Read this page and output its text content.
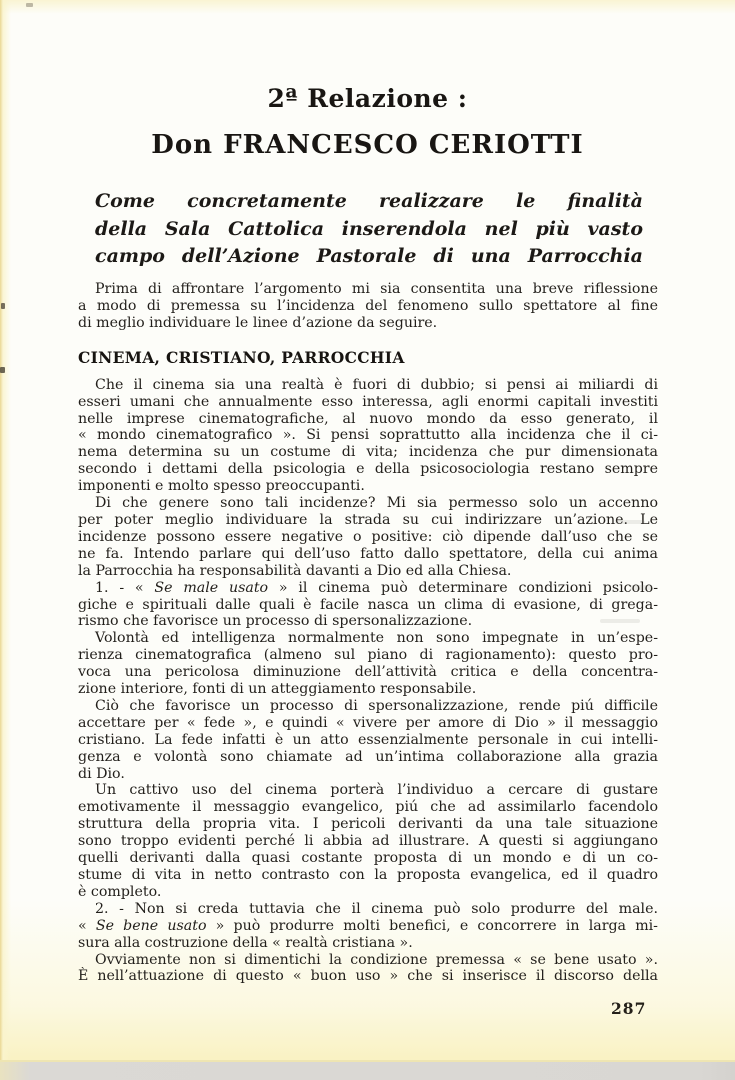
2ª Relazione :
Don FRANCESCO CERIOTTI
Come concretamente realizzare le finalità
della Sala Cattolica inserendola nel più vasto
campo dell’Azione Pastorale di una Parrocchia
Prima di affrontare l’argomento mi sia consentita una breve riflessione
a modo di premessa su l’incidenza del fenomeno sullo spettatore al fine
di meglio individuare le linee d’azione da seguire.
CINEMA, CRISTIANO, PARROCCHIA
Che il cinema sia una realtà è fuori di dubbio; si pensi ai miliardi di
esseri umani che annualmente esso interessa, agli enormi capitali investiti
nelle imprese cinematografiche, al nuovo mondo da esso generato, il
« mondo cinematografico ». Si pensi soprattutto alla incidenza che il ci-
nema determina su un costume di vita; incidenza che pur dimensionata
secondo i dettami della psicologia e della psicosociologia restano sempre
imponenti e molto spesso preoccupanti.
Di che genere sono tali incidenze? Mi sia permesso solo un accenno
per poter meglio individuare la strada su cui indirizzare un’azione. Le
incidenze possono essere negative o positive: ciò dipende dall’uso che se
ne fa. Intendo parlare qui dell’uso fatto dallo spettatore, della cui anima
la Parrocchia ha responsabilità davanti a Dio ed alla Chiesa.
1. - « Se male usato » il cinema può determinare condizioni psicolo-
giche e spirituali dalle quali è facile nasca un clima di evasione, di grega-
rismo che favorisce un processo di spersonalizzazione.
Volontà ed intelligenza normalmente non sono impegnate in un’espe-
rienza cinematografica (almeno sul piano di ragionamento): questo pro-
voca una pericolosa diminuzione dell’attività critica e della concentra-
zione interiore, fonti di un atteggiamento responsabile.
Ciò che favorisce un processo di spersonalizzazione, rende piú difficile
accettare per « fede », e quindi « vivere per amore di Dio » il messaggio
cristiano. La fede infatti è un atto essenzialmente personale in cui intelli-
genza e volontà sono chiamate ad un’intima collaborazione alla grazia
di Dio.
Un cattivo uso del cinema porterà l’individuo a cercare di gustare
emotivamente il messaggio evangelico, piú che ad assimilarlo facendolo
struttura della propria vita. I pericoli derivanti da una tale situazione
sono troppo evidenti perché li abbia ad illustrare. A questi si aggiungano
quelli derivanti dalla quasi costante proposta di un mondo e di un co-
stume di vita in netto contrasto con la proposta evangelica, ed il quadro
è completo.
2. - Non si creda tuttavia che il cinema può solo produrre del male.
« Se bene usato » può produrre molti benefici, e concorrere in larga mi-
sura alla costruzione della « realtà cristiana ».
Ovviamente non si dimentichi la condizione premessa « se bene usato ».
È nell’attuazione di questo « buon uso » che si inserisce il discorso della
287
